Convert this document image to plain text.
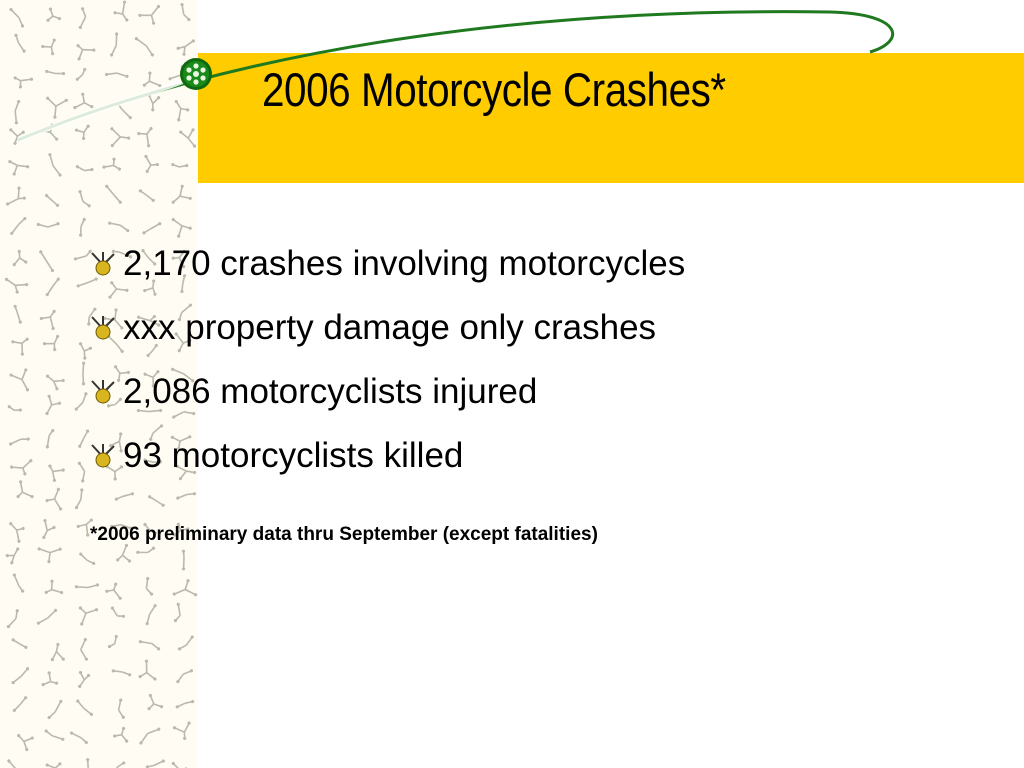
2006 Motorcycle Crashes*
2,170 crashes involving motorcycles
xxx property damage only crashes
2,086 motorcyclists injured
93 motorcyclists killed

*2006 preliminary data thru September (except fatalities)
